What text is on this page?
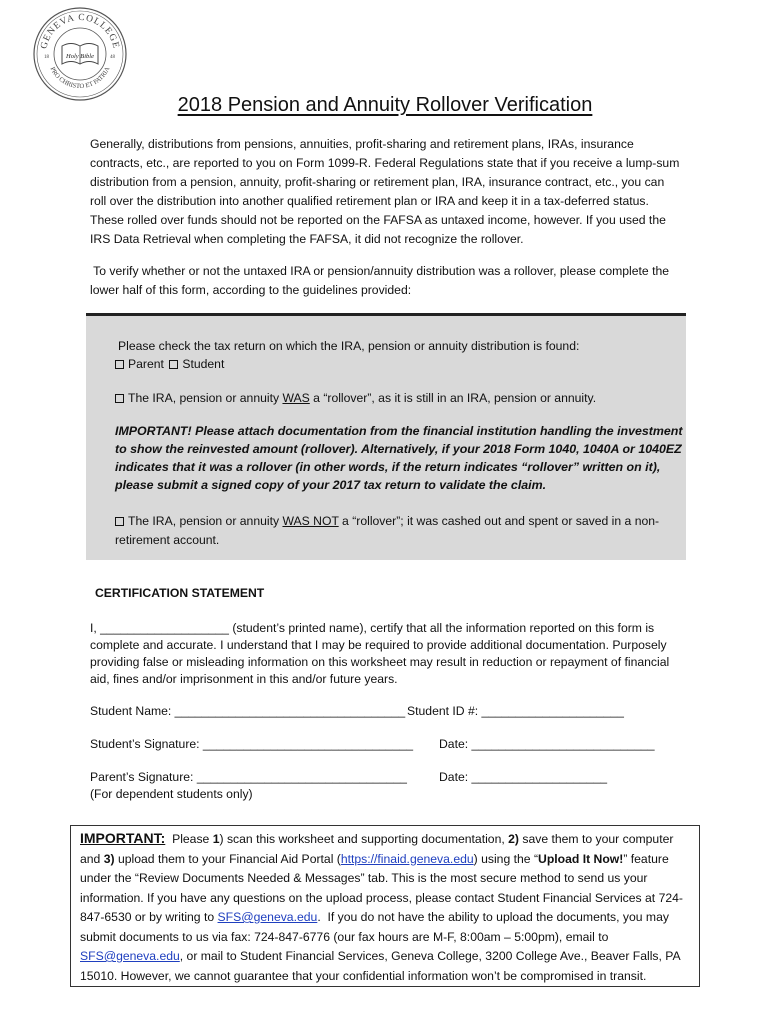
GENEVA COLLEGE
PRO CHRISTO ET PATRIA
Holy Bible
18	48
2018 Pension and Annuity Rollover Verification
Generally, distributions from pensions, annuities, profit-sharing and retirement plans, IRAs, insurance
contracts, etc., are reported to you on Form 1099-R. Federal Regulations state that if you receive a lump-sum
distribution from a pension, annuity, profit-sharing or retirement plan, IRA, insurance contract, etc., you can
roll over the distribution into another qualified retirement plan or IRA and keep it in a tax-deferred status.
These rolled over funds should not be reported on the FAFSA as untaxed income, however. If you used the
IRS Data Retrieval when completing the FAFSA, it did not recognize the rollover.
To verify whether or not the untaxed IRA or pension/annuity distribution was a rollover, please complete the
lower half of this form, according to the guidelines provided:
Please check the tax return on which the IRA, pension or annuity distribution is found:
Parent Student
The IRA, pension or annuity WAS a “rollover”, as it is still in an IRA, pension or annuity.
IMPORTANT! Please attach documentation from the financial institution handling the investment
to show the reinvested amount (rollover). Alternatively, if your 2018 Form 1040, 1040A or 1040EZ
indicates that it was a rollover (in other words, if the return indicates “rollover” written on it),
please submit a signed copy of your 2017 tax return to validate the claim.
The IRA, pension or annuity WAS NOT a “rollover”; it was cashed out and spent or saved in a non-
retirement account.
CERTIFICATION STATEMENT
I, ___________________ (student’s printed name), certify that all the information reported on this form is
complete and accurate. I understand that I may be required to provide additional documentation. Purposely
providing false or misleading information on this worksheet may result in reduction or repayment of financial
aid, fines and/or imprisonment in this and/or future years.
Student Name: __________________________________ Student ID #: _____________________
Student’s Signature: _______________________________ Date: ___________________________
Parent’s Signature: _______________________________	Date: ____________________
(For dependent students only)
IMPORTANT:  Please 1) scan this worksheet and supporting documentation, 2) save them to your computer
and 3) upload them to your Financial Aid Portal (https://finaid.geneva.edu) using the “Upload It Now!” feature
under the “Review Documents Needed & Messages” tab. This is the most secure method to send us your
information. If you have any questions on the upload process, please contact Student Financial Services at 724-
847-6530 or by writing to SFS@geneva.edu.  If you do not have the ability to upload the documents, you may
submit documents to us via fax: 724-847-6776 (our fax hours are M-F, 8:00am – 5:00pm), email to
SFS@geneva.edu, or mail to Student Financial Services, Geneva College, 3200 College Ave., Beaver Falls, PA
15010. However, we cannot guarantee that your confidential information won’t be compromised in transit.
